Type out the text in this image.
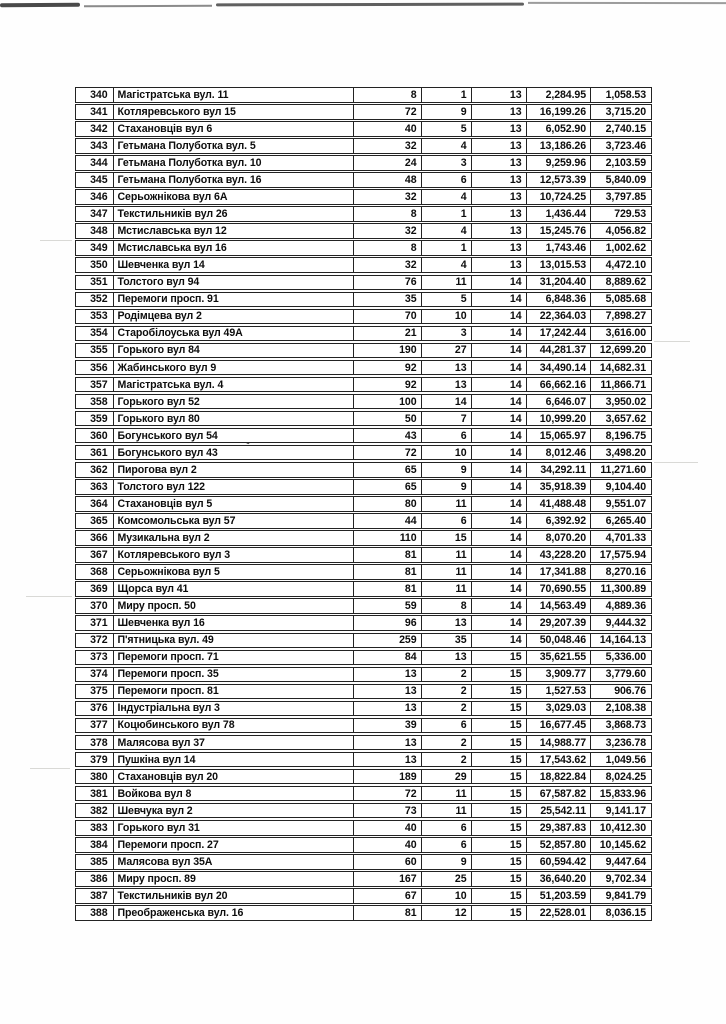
340 Магістратська вул. 11	8	1	13	2,284.95	1,058.53
341 Котляревського вул 15	72	9	13	16,199.26	3,715.20
342 Стахановців вул 6	40	5	13	6,052.90	2,740.15
343 Гетьмана Полуботка вул. 5	32	4	13	13,186.26	3,723.46
344 Гетьмана Полуботка вул. 10	24	3	13	9,259.96	2,103.59
345 Гетьмана Полуботка вул. 16	48	6	13	12,573.39	5,840.09
346 Серьожнікова вул 6А	32	4	13	10,724.25	3,797.85
347 Текстильників вул 26	8	1	13	1,436.44	729.53
348 Мстиславська вул 12	32	4	13	15,245.76	4,056.82
349 Мстиславська вул 16	8	1	13	1,743.46	1,002.62
350 Шевченка вул 14	32	4	13	13,015.53	4,472.10
351 Толстого вул 94	76	11	14	31,204.40	8,889.62
352 Перемоги просп. 91	35	5	14	6,848.36	5,085.68
353 Родімцева вул 2	70	10	14	22,364.03	7,898.27
354 Старобілоуська вул 49А	21	3	14	17,242.44	3,616.00
355 Горького вул 84	190	27	14	44,281.37	12,699.20
356 Жабинського вул 9	92	13	14	34,490.14	14,682.31
357 Магістратська вул. 4	92	13	14	66,662.16	11,866.71
358 Горького вул 52	100	14	14	6,646.07	3,950.02
359 Горького вул 80	50	7	14	10,999.20	3,657.62
360 Богунського вул 54	43	6	14	15,065.97	8,196.75
361 Богунського вул 43	72	10	14	8,012.46	3,498.20
362 Пирогова вул 2	65	9	14	34,292.11	11,271.60
363 Толстого вул 122	65	9	14	35,918.39	9,104.40
364 Стахановців вул 5	80	11	14	41,488.48	9,551.07
365 Комсомольська вул 57	44	6	14	6,392.92	6,265.40
366 Музикальна вул 2	110	15	14	8,070.20	4,701.33
367 Котляревського вул 3	81	11	14	43,228.20	17,575.94
368 Серьожнікова вул 5	81	11	14	17,341.88	8,270.16
369 Щорса вул 41	81	11	14	70,690.55	11,300.89
370 Миру просп. 50	59	8	14	14,563.49	4,889.36
371 Шевченка вул 16	96	13	14	29,207.39	9,444.32
372 П'ятницька вул. 49	259	35	14	50,048.46	14,164.13
373 Перемоги просп. 71	84	13	15	35,621.55	5,336.00
374 Перемоги просп. 35	13	2	15	3,909.77	3,779.60
375 Перемоги просп. 81	13	2	15	1,527.53	906.76
376 Індустріальна вул 3	13	2	15	3,029.03	2,108.38
377 Коцюбинського вул 78	39	6	15	16,677.45	3,868.73
378 Малясова вул 37	13	2	15	14,988.77	3,236.78
379 Пушкіна вул 14	13	2	15	17,543.62	1,049.56
380 Стахановців вул 20	189	29	15	18,822.84	8,024.25
381 Войкова вул 8	72	11	15	67,587.82	15,833.96
382 Шевчука вул 2	73	11	15	25,542.11	9,141.17
383 Горького вул 31	40	6	15	29,387.83	10,412.30
384 Перемоги просп. 27	40	6	15	52,857.80	10,145.62
385 Малясова вул 35А	60	9	15	60,594.42	9,447.64
386 Миру просп. 89	167	25	15	36,640.20	9,702.34
387 Текстильників вул 20	67	10	15	51,203.59	9,841.79
388 Преображенська вул. 16	81	12	15	22,528.01	8,036.15
